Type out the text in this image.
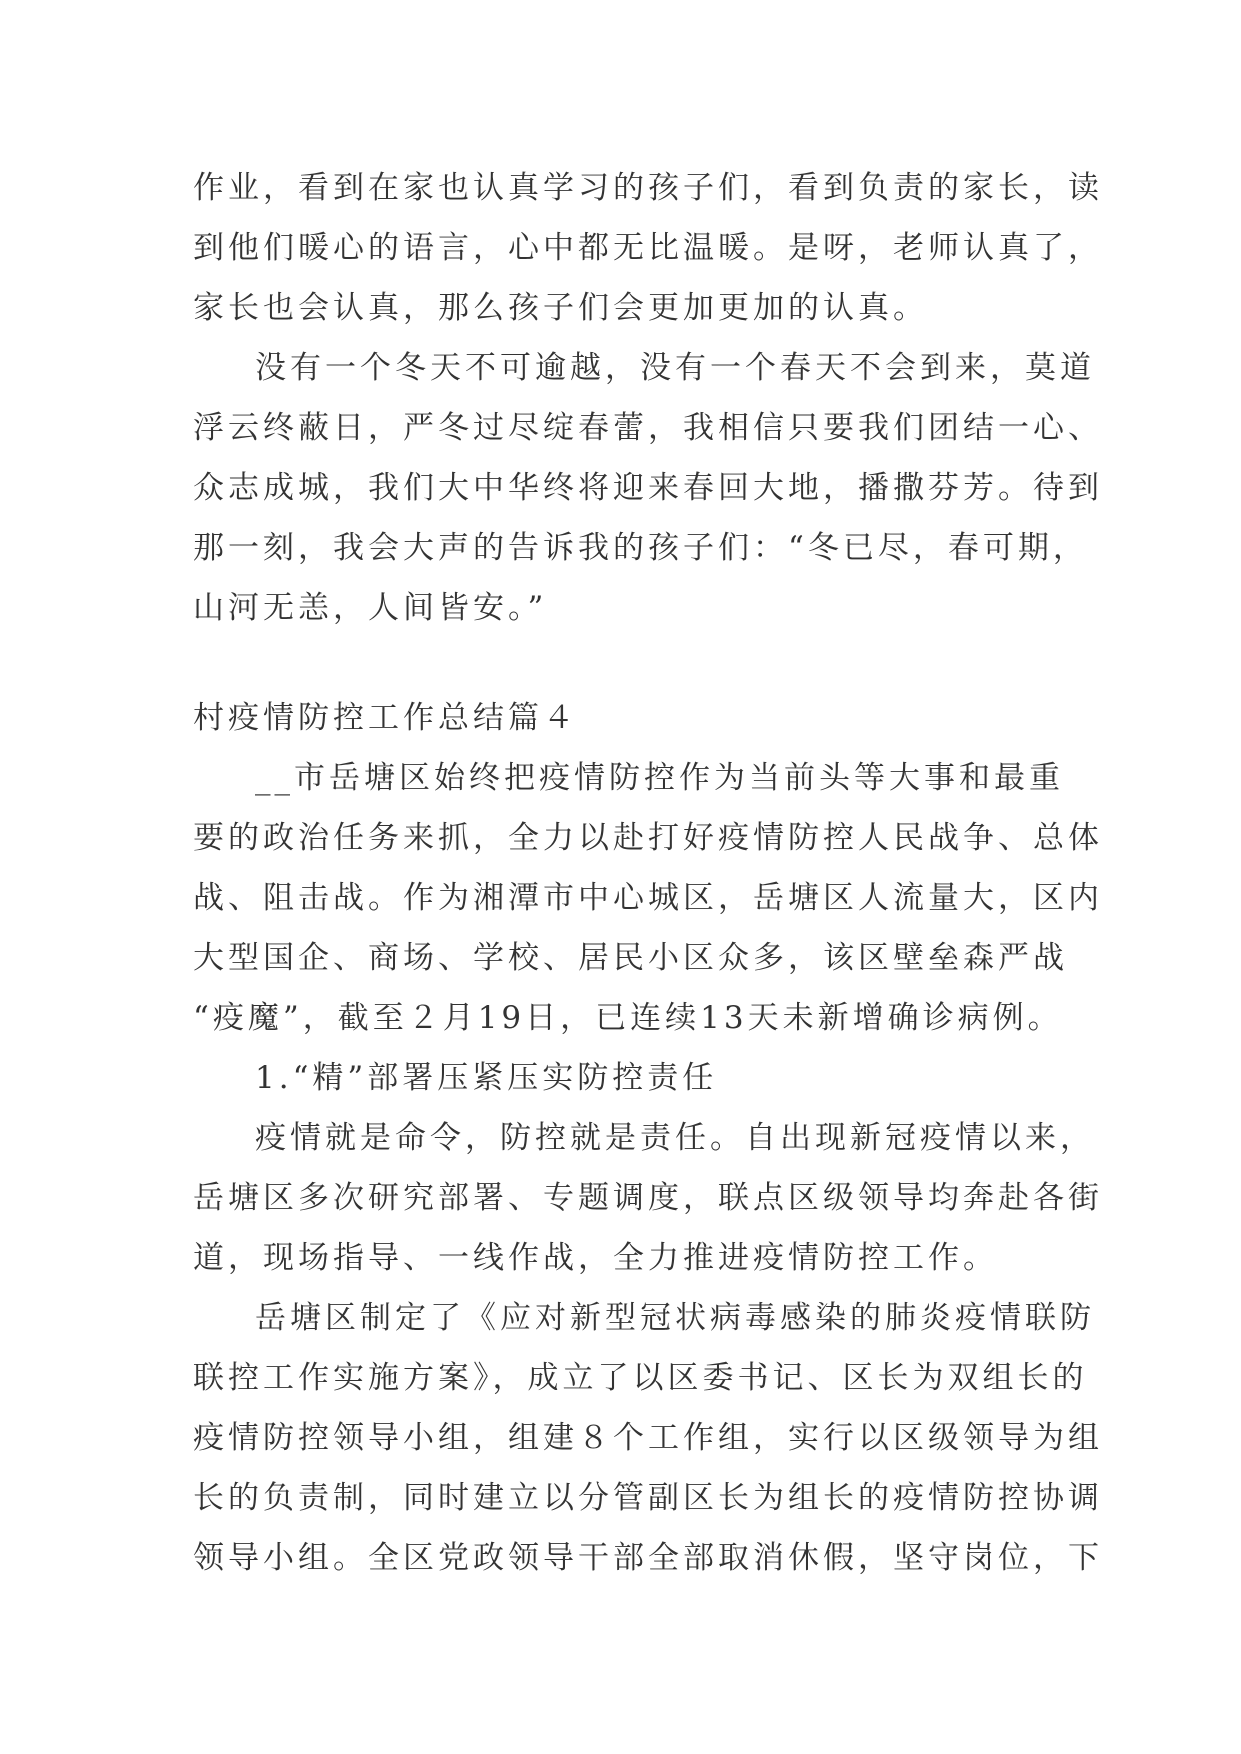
作业，看到在家也认真学习的孩子们，看到负责的家长，读
到他们暖心的语言，心中都无比温暖。是呀，老师认真了，
家长也会认真，那么孩子们会更加更加的认真。
没有一个冬天不可逾越，没有一个春天不会到来，莫道
浮云终蔽日，严冬过尽绽春蕾，我相信只要我们团结一心、
众志成城，我们大中华终将迎来春回大地，播撒芬芳。待到
那一刻，我会大声的告诉我的孩子们：“冬已尽，春可期，
山河无恙，人间皆安。”
村疫情防控工作总结篇４
__市岳塘区始终把疫情防控作为当前头等大事和最重
要的政治任务来抓，全力以赴打好疫情防控人民战争、总体
战、阻击战。作为湘潭市中心城区，岳塘区人流量大，区内
大型国企、商场、学校、居民小区众多，该区壁垒森严战
“疫魔”，截至２月19日，已连续13天未新增确诊病例。
1.“精”部署压紧压实防控责任
疫情就是命令，防控就是责任。自出现新冠疫情以来，
岳塘区多次研究部署、专题调度，联点区级领导均奔赴各街
道，现场指导、一线作战，全力推进疫情防控工作。
岳塘区制定了《应对新型冠状病毒感染的肺炎疫情联防
联控工作实施方案》，成立了以区委书记、区长为双组长的
疫情防控领导小组，组建８个工作组，实行以区级领导为组
长的负责制，同时建立以分管副区长为组长的疫情防控协调
领导小组。全区党政领导干部全部取消休假，坚守岗位，下
